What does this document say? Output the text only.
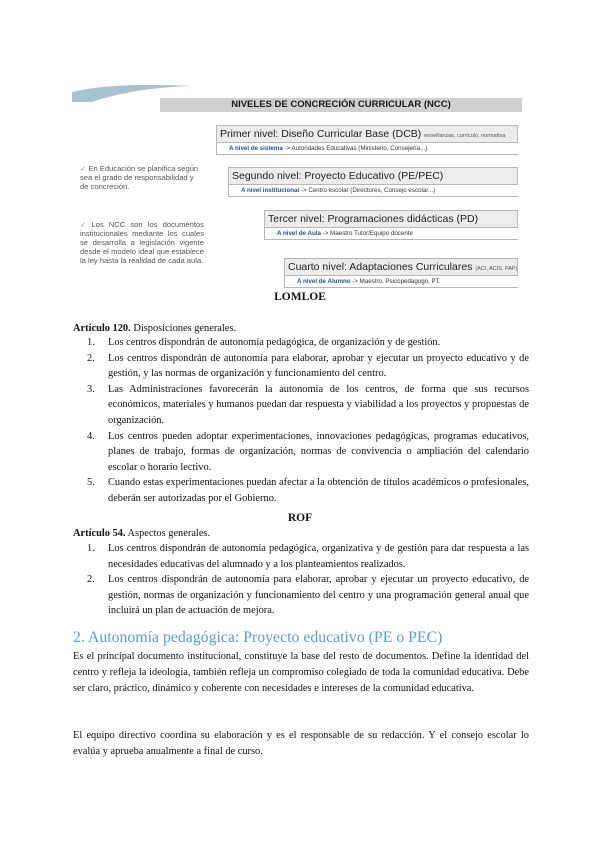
NIVELES DE CONCRECIÓN CURRICULAR (NCC)
✓ En Educación se planifica según sea el grado de responsabilidad y de concreción.
✓ Los NCC son los documentos institucionales mediante los cuales se desarrolla a legislación vigente desde el modelo ideal que establece la ley hasta la realidad de cada aula.
Primer nivel: Diseño Curricular Base (DCB) enseñanzas, currículo, normativa
A nivel de sistema -> Autoridades Educativas (Ministerio, Consejería...)
Segundo nivel: Proyecto Educativo (PE/PEC)
A nivel institucional -> Centro escolar (Directores, Consejo escolar...)
Tercer nivel: Programaciones didácticas (PD)
A nivel de Aula -> Maestro Tutor/Equipo docente
Cuarto nivel: Adaptaciones Curriculares (ACI, ACIS, PAP)
A nivel de Alumno -> Maestro, Psicopedagogo, PT.
LOMLOE
Artículo 120. Disposiciones generales.
1. Los centros dispondrán de autonomía pedagógica, de organización y de gestión.
2. Los centros dispondrán de autonomía para elaborar, aprobar y ejecutar un proyecto educativo y de gestión, y las normas de organización y funcionamiento del centro.
3. Las Administraciones favorecerán la autonomía de los centros, de forma que sus recursos económicos, materiales y humanos puedan dar respuesta y viabilidad a los proyectos y propuestas de organización.
4. Los centros pueden adoptar experimentaciones, innovaciones pedagógicas, programas educativos, planes de trabajo, formas de organización, normas de convivencia o ampliación del calendario escolar o horario lectivo.
5. Cuando estas experimentaciones puedan afectar a la obtención de títulos académicos o profesionales, deberán ser autorizadas por el Gobierno.
ROF
Artículo 54. Aspectos generales.
1. Los centros dispondrán de autonomía pedagógica, organizativa y de gestión para dar respuesta a las necesidades educativas del alumnado y a los planteamientos realizados.
2. Los centros dispondrán de autonomía para elaborar, aprobar y ejecutar un proyecto educativo, de gestión, normas de organización y funcionamiento del centro y una programación general anual que incluirá un plan de actuación de mejora.
2. Autonomía pedagógica: Proyecto educativo (PE o PEC)
Es el principal documento institucional, constituye la base del resto de documentos. Define la identidad del centro y refleja la ideología, también refleja un compromiso colegiado de toda la comunidad educativa. Debe ser claro, práctico, dinámico y coherente con necesidades e intereses de la comunidad educativa.
El equipo directivo coordina su elaboración y es el responsable de su redacción. Y el consejo escolar lo evalúa y aprueba anualmente a final de curso.
